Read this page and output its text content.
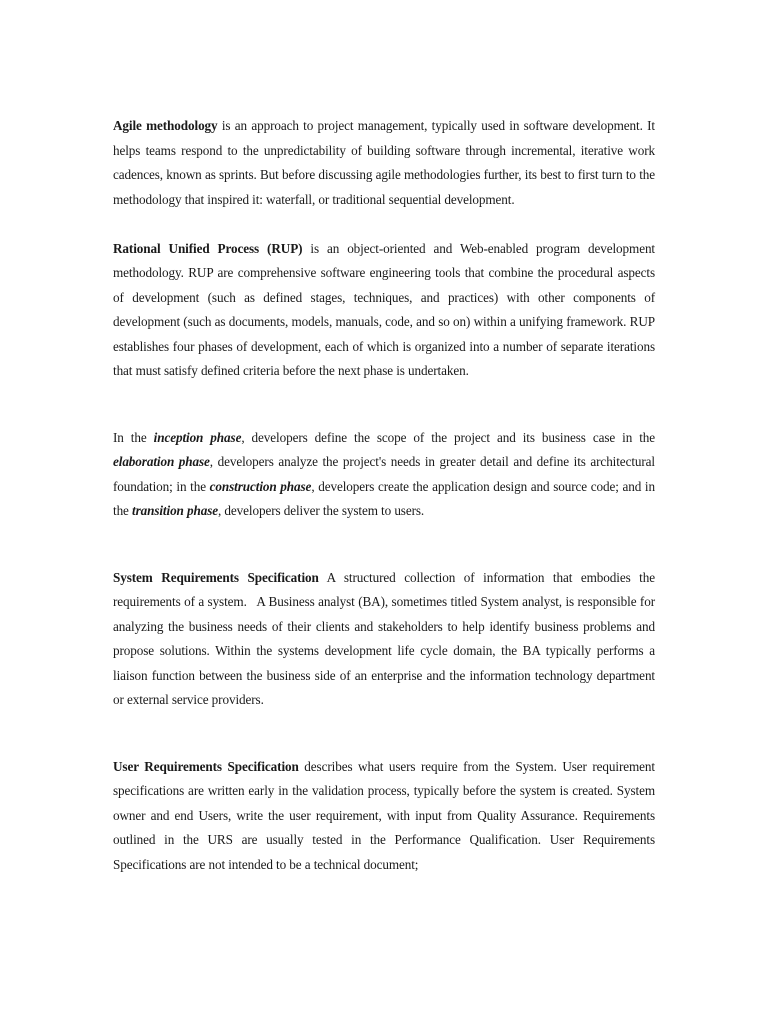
Agile methodology is an approach to project management, typically used in software development. It helps teams respond to the unpredictability of building software through incremental, iterative work cadences, known as sprints. But before discussing agile methodologies further, its best to first turn to the methodology that inspired it: waterfall, or traditional sequential development.

Rational Unified Process (RUP) is an object-oriented and Web-enabled program development methodology. RUP are comprehensive software engineering tools that combine the procedural aspects of development (such as defined stages, techniques, and practices) with other components of development (such as documents, models, manuals, code, and so on) within a unifying framework. RUP establishes four phases of development, each of which is organized into a number of separate iterations that must satisfy defined criteria before the next phase is undertaken.

In the inception phase, developers define the scope of the project and its business case in the elaboration phase, developers analyze the project's needs in greater detail and define its architectural foundation; in the construction phase, developers create the application design and source code; and in the transition phase, developers deliver the system to users.

System Requirements Specification A structured collection of information that embodies the requirements of a system.   A Business analyst (BA), sometimes titled System analyst, is responsible for analyzing the business needs of their clients and stakeholders to help identify business problems and propose solutions. Within the systems development life cycle domain, the BA typically performs a liaison function between the business side of an enterprise and the information technology department or external service providers.

User Requirements Specification describes what users require from the System. User requirement specifications are written early in the validation process, typically before the system is created. System owner and end Users, write the user requirement, with input from Quality Assurance. Requirements outlined in the URS are usually tested in the Performance Qualification. User Requirements Specifications are not intended to be a technical document;
